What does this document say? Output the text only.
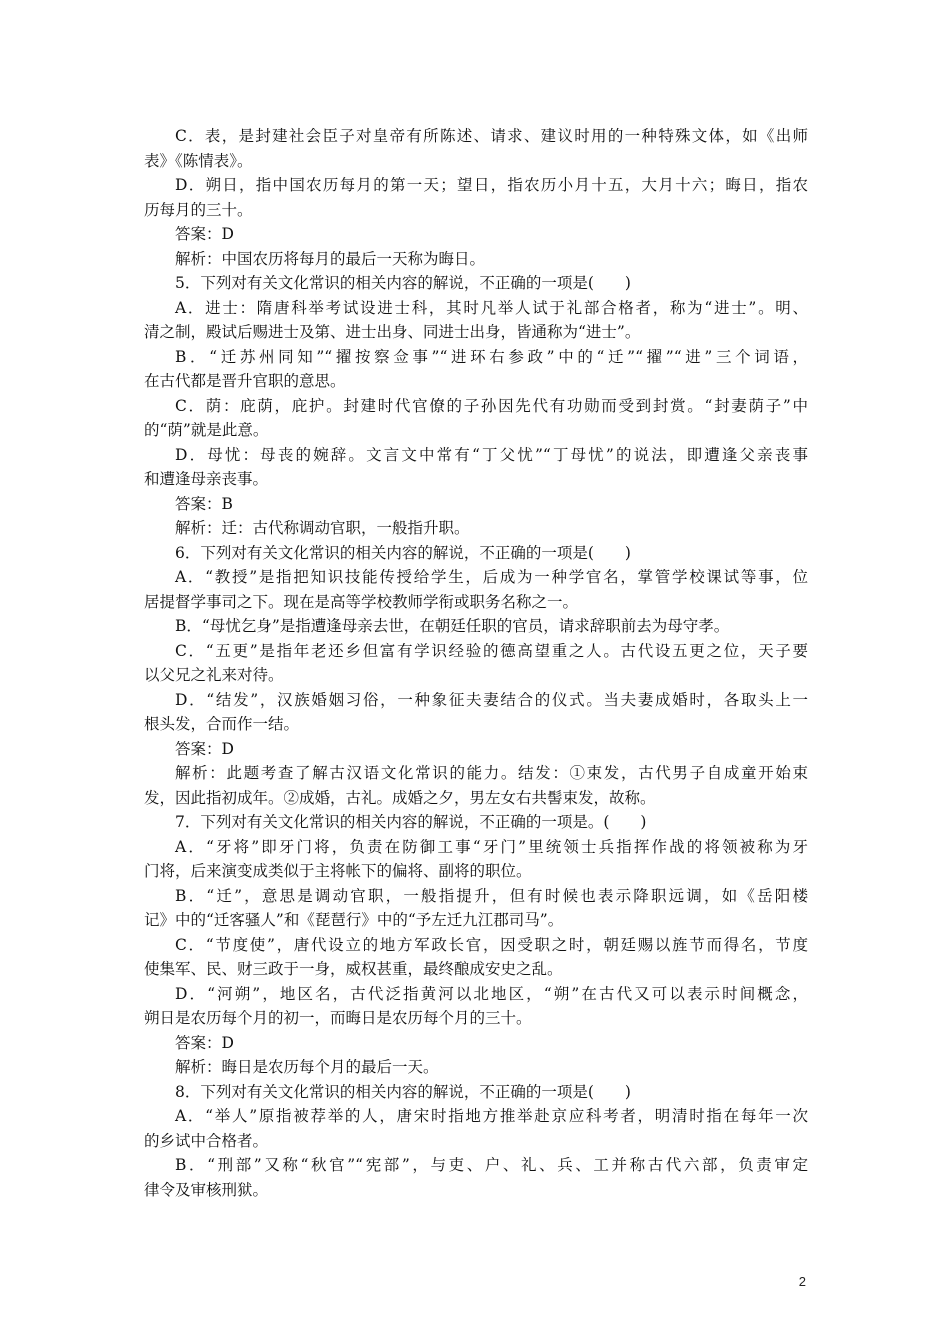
C．表，是封建社会臣子对皇帝有所陈述、请求、建议时用的一种特殊文体，如《出师
表》《陈情表》。
D．朔日，指中国农历每月的第一天；望日，指农历小月十五，大月十六；晦日，指农
历每月的三十。
答案：D
解析：中国农历将每月的最后一天称为晦日。
5．下列对有关文化常识的相关内容的解说，不正确的一项是(　　)
A．进士：隋唐科举考试设进士科，其时凡举人试于礼部合格者，称为“进士”。明、
清之制，殿试后赐进士及第、进士出身、同进士出身，皆通称为“进士”。
B．“迁苏州同知”“擢按察佥事”“进环右参政”中的“迁”“擢”“进”三个词语，
在古代都是晋升官职的意思。
C．荫：庇荫，庇护。封建时代官僚的子孙因先代有功勋而受到封赏。“封妻荫子”中
的“荫”就是此意。
D．母忧：母丧的婉辞。文言文中常有“丁父忧”“丁母忧”的说法，即遭逢父亲丧事
和遭逢母亲丧事。
答案：B
解析：迁：古代称调动官职，一般指升职。
6．下列对有关文化常识的相关内容的解说，不正确的一项是(　　)
A．“教授”是指把知识技能传授给学生，后成为一种学官名，掌管学校课试等事，位
居提督学事司之下。现在是高等学校教师学衔或职务名称之一。
B．“母忧乞身”是指遭逢母亲去世，在朝廷任职的官员，请求辞职前去为母守孝。
C．“五更”是指年老还乡但富有学识经验的德高望重之人。古代设五更之位，天子要
以父兄之礼来对待。
D．“结发”，汉族婚姻习俗，一种象征夫妻结合的仪式。当夫妻成婚时，各取头上一
根头发，合而作一结。
答案：D
解析：此题考查了解古汉语文化常识的能力。结发：①束发，古代男子自成童开始束
发，因此指初成年。②成婚，古礼。成婚之夕，男左女右共髻束发，故称。
7．下列对有关文化常识的相关内容的解说，不正确的一项是。(　　)
A．“牙将”即牙门将，负责在防御工事“牙门”里统领士兵指挥作战的将领被称为牙
门将，后来演变成类似于主将帐下的偏将、副将的职位。
B．“迁”，意思是调动官职，一般指提升，但有时候也表示降职远调，如《岳阳楼
记》中的“迁客骚人”和《琵琶行》中的“予左迁九江郡司马”。
C．“节度使”，唐代设立的地方军政长官，因受职之时，朝廷赐以旌节而得名，节度
使集军、民、财三政于一身，威权甚重，最终酿成安史之乱。
D．“河朔”，地区名，古代泛指黄河以北地区，“朔”在古代又可以表示时间概念，
朔日是农历每个月的初一，而晦日是农历每个月的三十。
答案：D
解析：晦日是农历每个月的最后一天。
8．下列对有关文化常识的相关内容的解说，不正确的一项是(　　)
A．“举人”原指被荐举的人，唐宋时指地方推举赴京应科考者，明清时指在每年一次
的乡试中合格者。
B．“刑部”又称“秋官”“宪部”，与吏、户、礼、兵、工并称古代六部，负责审定
律令及审核刑狱。
2
